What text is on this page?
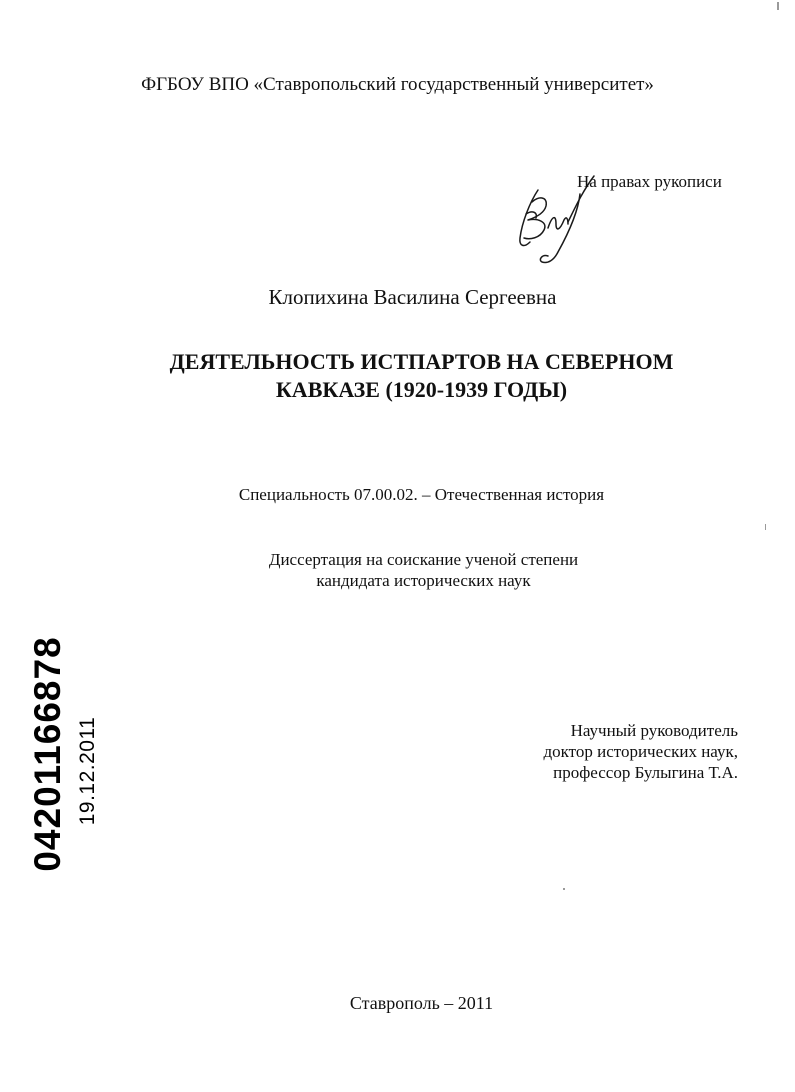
ФГБОУ ВПО «Ставропольский государственный университет»
На правах рукописи
Клопихина Василина Сергеевна
ДЕЯТЕЛЬНОСТЬ ИСТПАРТОВ НА СЕВЕРНОМ
КАВКАЗЕ (1920-1939 ГОДЫ)
Специальность 07.00.02. – Отечественная история
Диссертация на соискание ученой степени
кандидата исторических наук
Научный руководитель
доктор исторических наук,
профессор Булыгина Т.А.
Ставрополь – 2011
04201166878 19.12.2011
